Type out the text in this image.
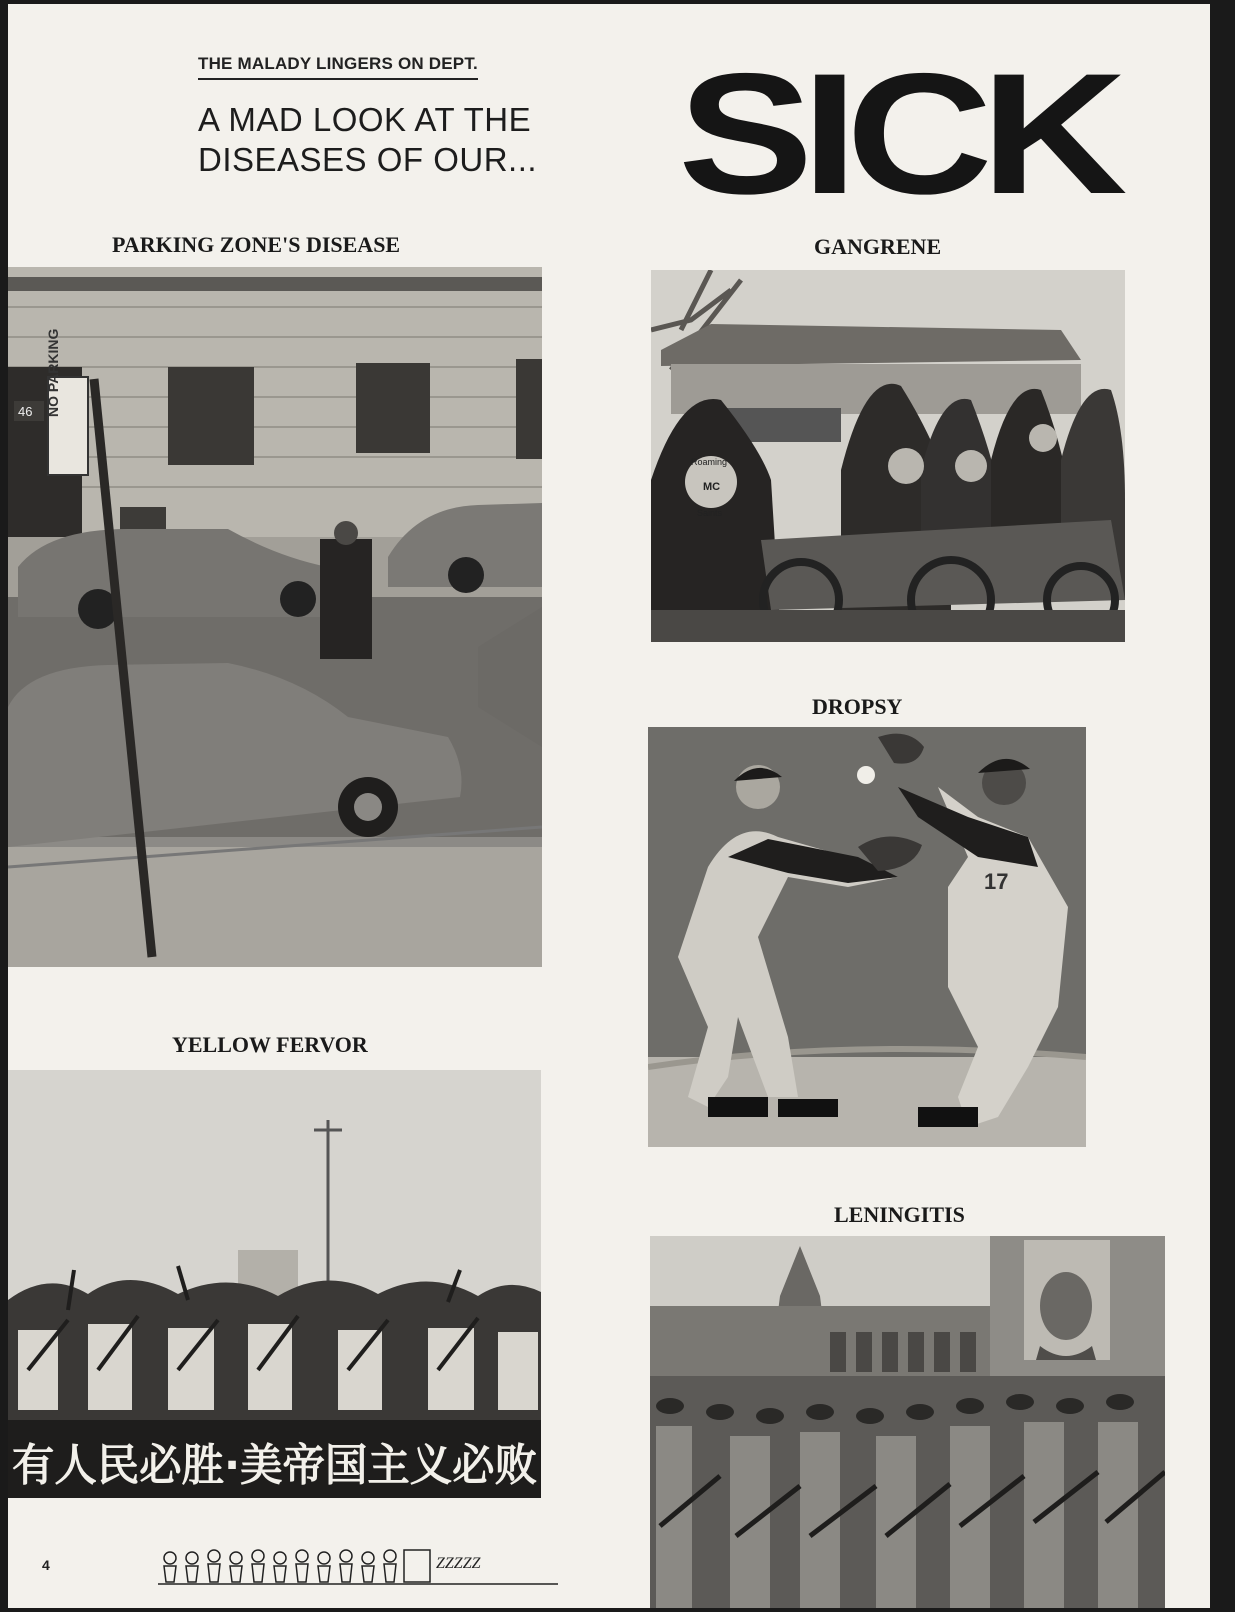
THE MALADY LINGERS ON DEPT.
A MAD LOOK AT THE
DISEASES OF OUR... SICK
PARKING ZONE'S DISEASE	GANGRENE
DROPSY
YELLOW FERVOR
LENINGITIS
NO PARKING
46
Roaming
MC
Saints
17
有人民必胜·美帝国主义必败
4	ZZZZZ
